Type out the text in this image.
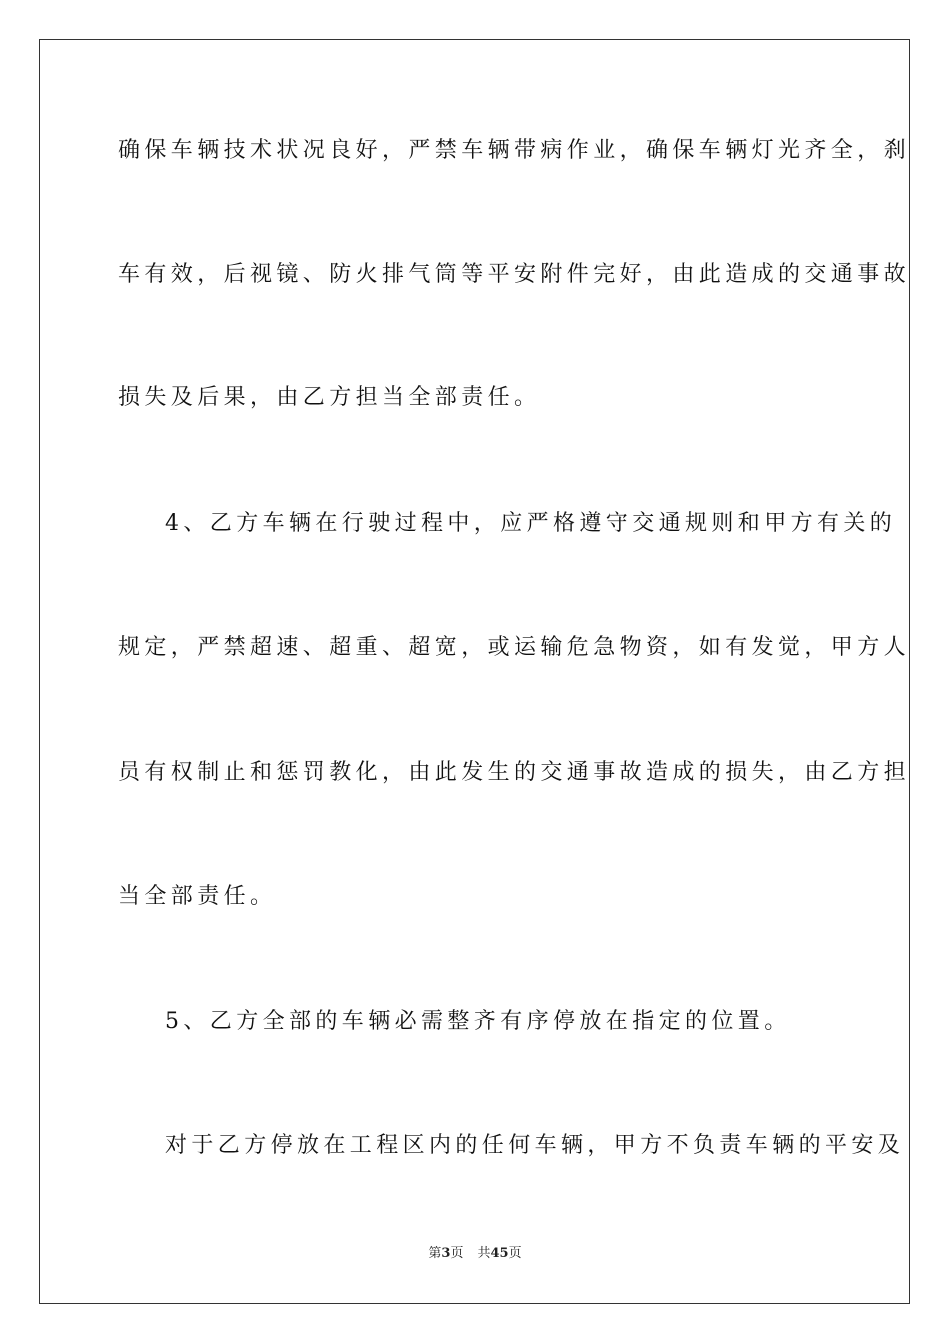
确保车辆技术状况良好，严禁车辆带病作业，确保车辆灯光齐全，刹
车有效，后视镜、防火排气筒等平安附件完好，由此造成的交通事故
损失及后果，由乙方担当全部责任。
4、乙方车辆在行驶过程中，应严格遵守交通规则和甲方有关的
规定，严禁超速、超重、超宽，或运输危急物资，如有发觉，甲方人
员有权制止和惩罚教化，由此发生的交通事故造成的损失，由乙方担
当全部责任。
5、乙方全部的车辆必需整齐有序停放在指定的位置。
对于乙方停放在工程区内的任何车辆，甲方不负责车辆的平安及
第3页 共45页
